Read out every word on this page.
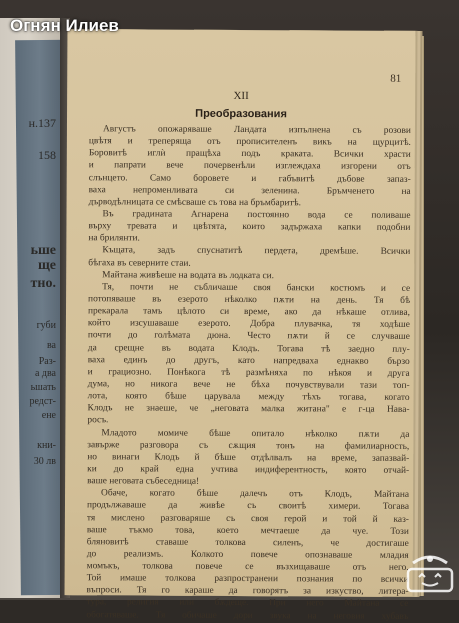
н.137
158
ьше
ще
тно.
губи
ва
Раз-
а два
ьшать
редст-
ене
кни-
30 лв
81
XII
Преобразования
Августъ опожаряваше Ландата изпълнена съ розови
цвѣтя и треперяща отъ прописителенъ викъ на щурцитѣ.
Боровитѣ иглѝ пращѣха подъ краката. Всички храсти
и папрати вече почервенѣли изглеждаха изгорени отъ
слънцето. Само боровете и габъвитѣ дъбове запаз-
ваха непроменливата си зеленина. Бръмченето на
дърводѣлницата се смѣсваше съ това на бръмбаритѣ.
Въ градината Агнарена постоянно вода се поливаше
върху тревата и цвѣтята, които задържаха капки подобни
на брилянти.
Къщата, задъ спуснатитѣ пердета, дремѣше. Всички
бѣгаха въ северните стаи.
Майтана живѣеше на водата въ лодката си.
Тя, почти не събличаше своя бански костюмъ и се
потопяваше въ езерото нѣколко пѫти на день. Тя бѣ
прекарала тамъ цѣлото си време, ако да нѣкаше отлива,
който изсушаваше езерото. Добра плувачка, тя ходѣше
почти до голѣмата дюна. Често пѫти й се случваше
да срещне въ водата Клодъ. Тогава тѣ заедно плу-
ваха единъ до другъ, като напредваха еднакво бързо
и грациозно. Понѣкога тѣ размѣняха по нѣкоя и друга
дума, но никога вече не бѣха почувствували тази топ-
лота, която бѣше царувала между тѣхъ тогава, когато
Клодъ не знаеше, че „неговата малка житана" е г-ца Нава-
росъ.
Младото момиче бѣше опитало нѣколко пѫти да
завърже разговора съ сѫщия тонъ на фамилиарность,
но винаги Клодъ й бѣше отдѣлвалъ на време, запазвай-
ки до край една учтива индиферентность, която отчай-
ваше неговата събеседница!
Обаче, когато бѣше далечъ отъ Клодъ, Майтана
продължаваше да живѣе съ своитѣ химери. Тогава
тя мислено разговаряше съ своя герой и той й каз-
ваше тъкмо това, което мечтаеше да чуе. Този
бляновитѣ ставаше толкова силенъ, че достигаше
до реализмъ. Колкото повече опознаваше младия
момъкъ, толкова повече се възхищаваше отъ него.
Той имаше толкова разпространени познания по всички
въпроси. Тя го караше да говорятъ за изкуство, литера-
тура, религия или бѫдеще. При него Майтана се
обогатяваше. Тя обичаше дори звука на неговия хубавъ
Огнян Илиев
